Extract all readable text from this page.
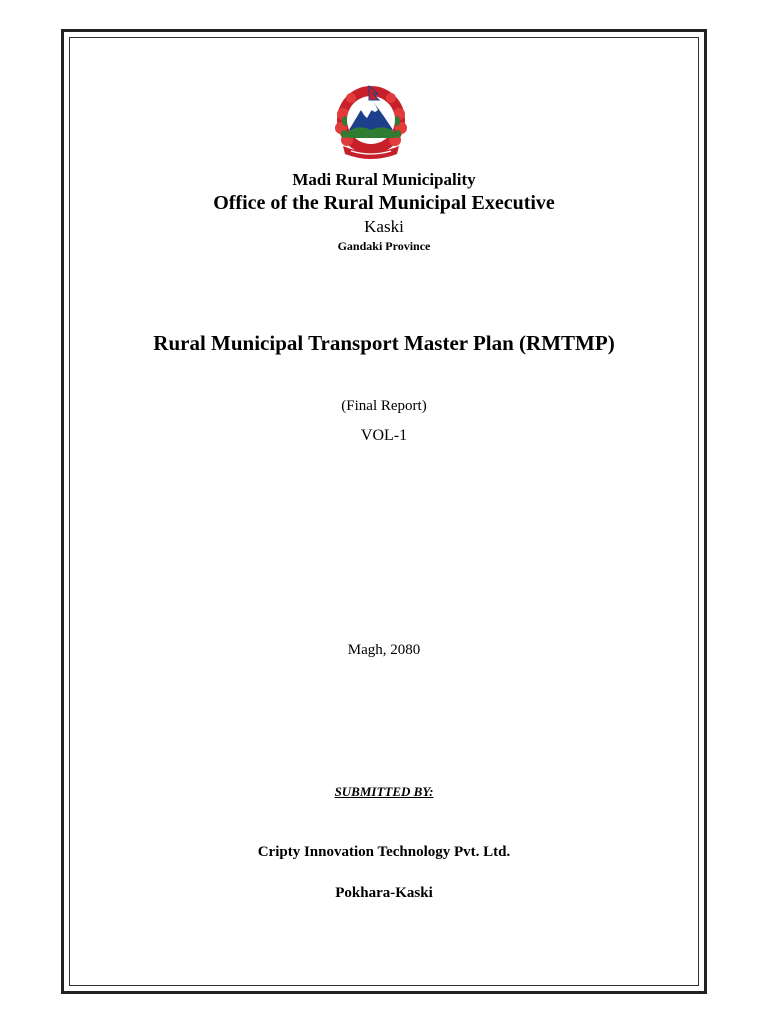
Madi Rural Municipality
Office of the Rural Municipal Executive
Kaski
Gandaki Province
Rural Municipal Transport Master Plan (RMTMP)
(Final Report)
VOL-1
Magh, 2080
SUBMITTED BY:
Cripty Innovation Technology Pvt. Ltd.
Pokhara-Kaski
